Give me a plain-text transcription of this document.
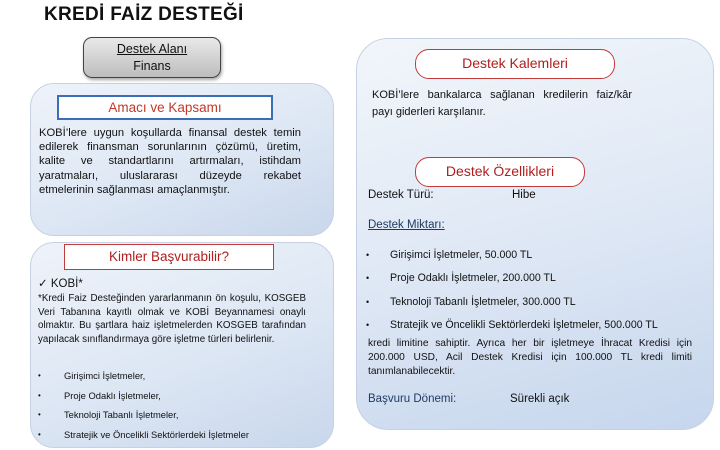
KREDİ FAİZ DESTEĞİ
Destek Alanı
Finans
Amacı ve Kapsamı
KOBİ’lere uygun koşullarda finansal destek temin edilerek finansman sorunlarının çözümü, üretim, kalite ve standartlarını artırmaları, istihdam yaratmaları, uluslararası düzeyde rekabet etmelerinin sağlanması amaçlanmıştır.
Destek Kalemleri
KOBİ’lere bankalarca sağlanan kredilerin faiz/kâr payı giderleri karşılanır.
Destek Özellikleri
Destek Türü:	Hibe
Destek Miktarı:
•	Girişimci İşletmeler, 50.000 TL
•	Proje Odaklı İşletmeler, 200.000 TL
•	Teknoloji Tabanlı İşletmeler, 300.000 TL
•	Stratejik ve Öncelikli Sektörlerdeki İşletmeler, 500.000 TL
kredi limitine sahiptir. Ayrıca her bir işletmeye İhracat Kredisi için 200.000 USD, Acil Destek Kredisi için 100.000 TL kredi limiti tanımlanabilecektir.
Başvuru Dönemi:	Sürekli açık
Kimler Başvurabilir?
✓ KOBİ*
*Kredi Faiz Desteğinden yararlanmanın ön koşulu, KOSGEB Veri Tabanına kayıtlı olmak ve KOBİ Beyannamesi onaylı olmaktır. Bu şartlara haiz işletmelerden KOSGEB tarafından yapılacak sınıflandırmaya göre işletme türleri belirlenir.
•	Girişimci İşletmeler,
•	Proje Odaklı İşletmeler,
•	Teknoloji Tabanlı İşletmeler,
•	Stratejik ve Öncelikli Sektörlerdeki İşletmeler
